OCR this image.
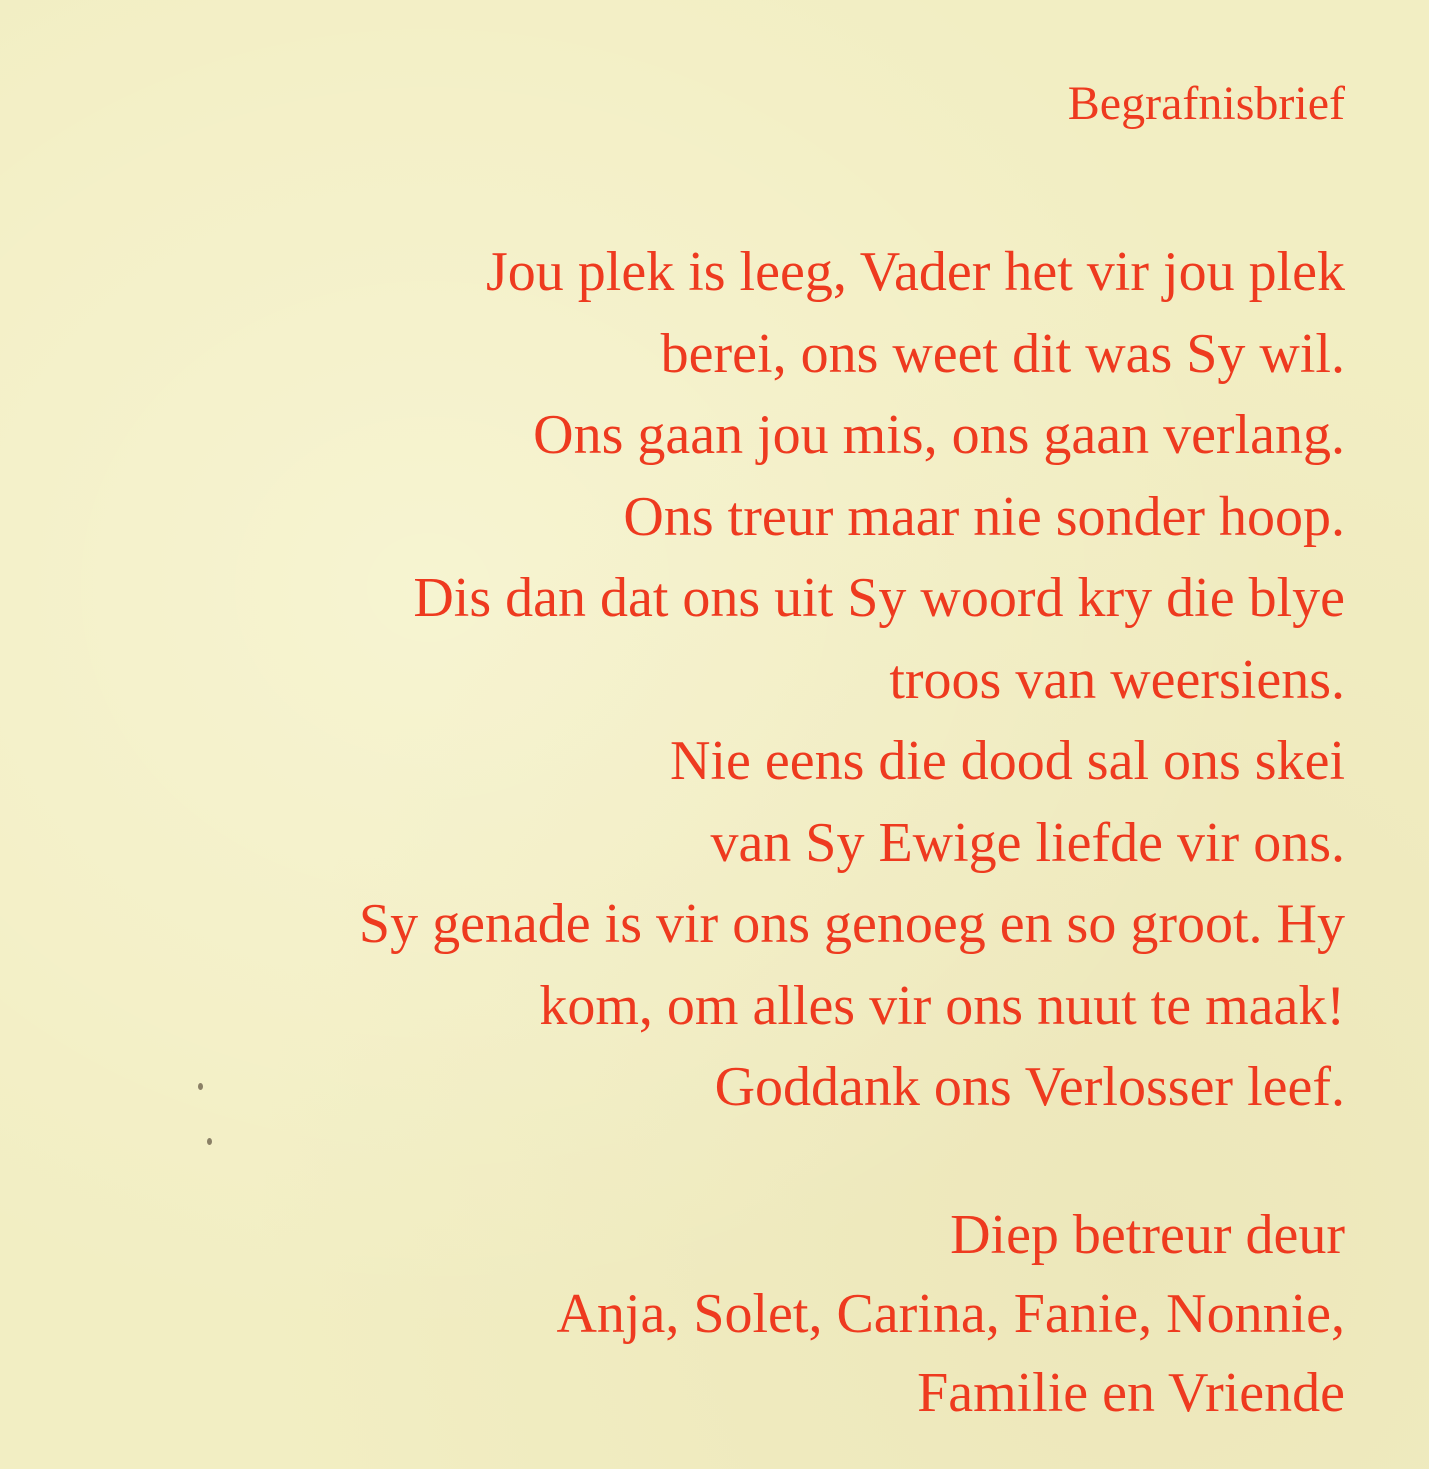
Begrafnisbrief
Jou plek is leeg, Vader het vir jou plek
berei, ons weet dit was Sy wil.
Ons gaan jou mis, ons gaan verlang.
Ons treur maar nie sonder hoop.
Dis dan dat ons uit Sy woord kry die blye
troos van weersiens.
Nie eens die dood sal ons skei
van Sy Ewige liefde vir ons.
Sy genade is vir ons genoeg en so groot. Hy
kom, om alles vir ons nuut te maak!
Goddank ons Verlosser leef.
Diep betreur deur
Anja, Solet, Carina, Fanie, Nonnie,
Familie en Vriende
